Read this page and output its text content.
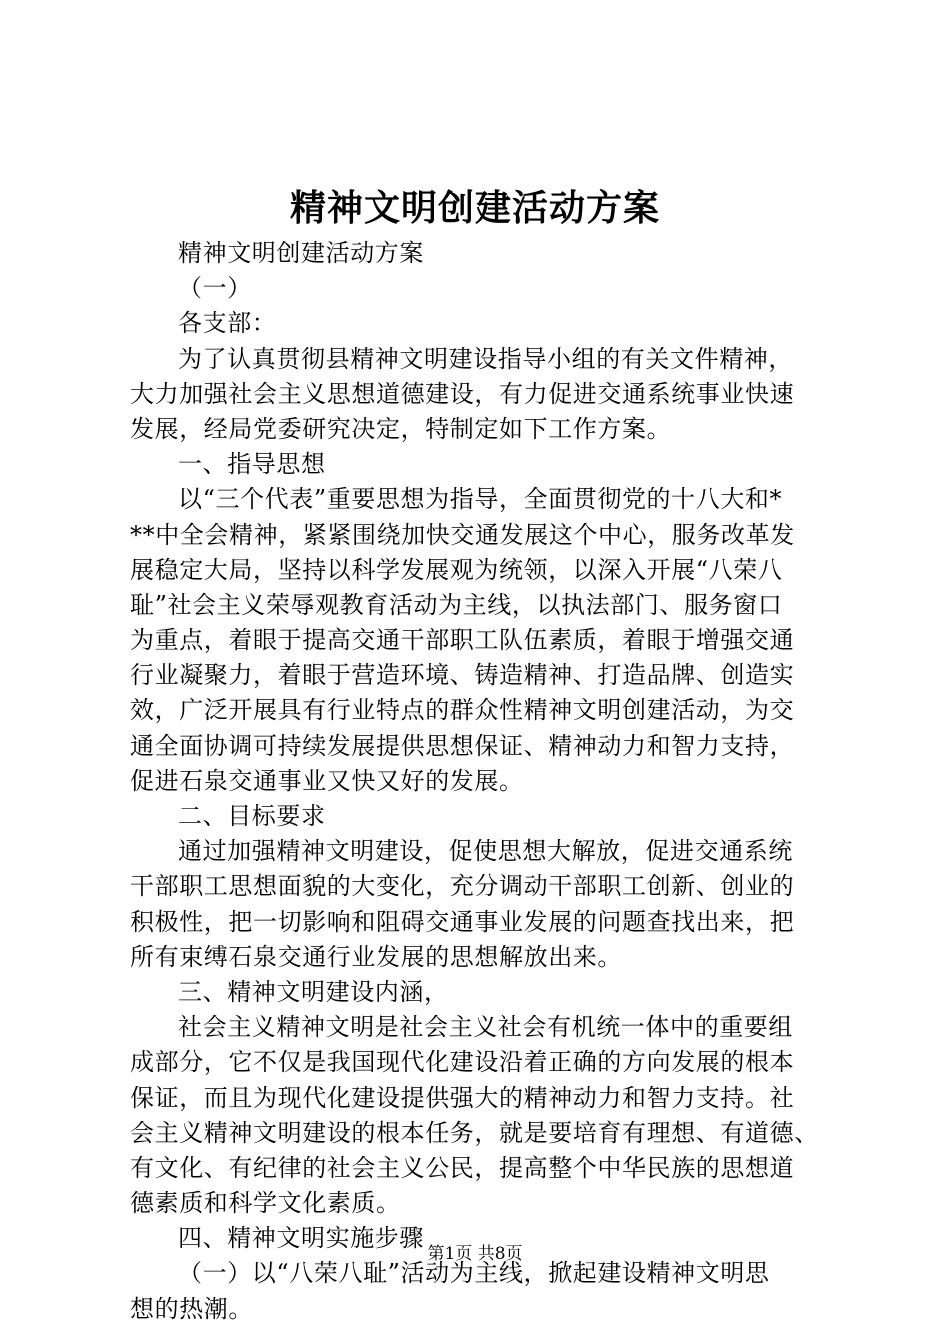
精神文明创建活动方案
精神文明创建活动方案
（一）
各支部：
为了认真贯彻县精神文明建设指导小组的有关文件精神，
大力加强社会主义思想道德建设，有力促进交通系统事业快速
发展，经局党委研究决定，特制定如下工作方案。
一、指导思想
以“三个代表”重要思想为指导，全面贯彻党的十八大和*
**中全会精神，紧紧围绕加快交通发展这个中心，服务改革发
展稳定大局，坚持以科学发展观为统领，以深入开展“八荣八
耻”社会主义荣辱观教育活动为主线，以执法部门、服务窗口
为重点，着眼于提高交通干部职工队伍素质，着眼于增强交通
行业凝聚力，着眼于营造环境、铸造精神、打造品牌、创造实
效，广泛开展具有行业特点的群众性精神文明创建活动，为交
通全面协调可持续发展提供思想保证、精神动力和智力支持，
促进石泉交通事业又快又好的发展。
二、目标要求
通过加强精神文明建设，促使思想大解放，促进交通系统
干部职工思想面貌的大变化，充分调动干部职工创新、创业的
积极性，把一切影响和阻碍交通事业发展的问题查找出来，把
所有束缚石泉交通行业发展的思想解放出来。
三、精神文明建设内涵，
社会主义精神文明是社会主义社会有机统一体中的重要组
成部分，它不仅是我国现代化建设沿着正确的方向发展的根本
保证，而且为现代化建设提供强大的精神动力和智力支持。社
会主义精神文明建设的根本任务，就是要培育有理想、有道德、
有文化、有纪律的社会主义公民，提高整个中华民族的思想道
德素质和科学文化素质。
四、精神文明实施步骤
（一）以“八荣八耻”活动为主线，掀起建设精神文明思
想的热潮。
第1页 共8页
